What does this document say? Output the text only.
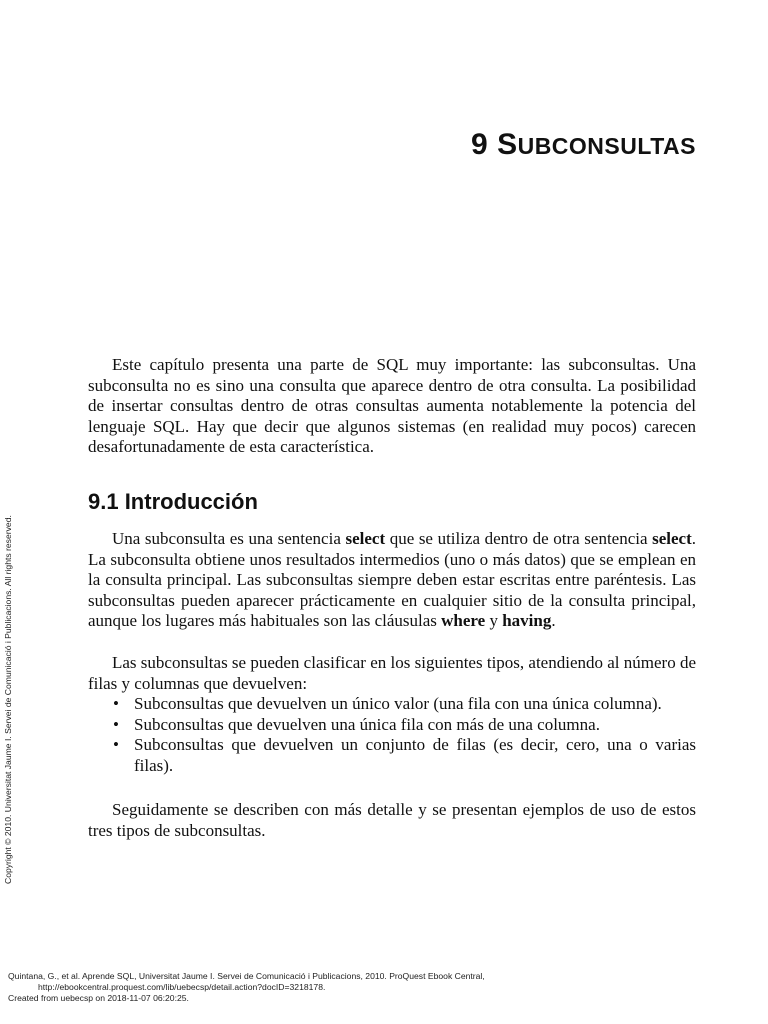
9 SUBCONSULTAS

Este capítulo presenta una parte de SQL muy importante: las subconsultas. Una subconsulta no es sino una consulta que aparece dentro de otra consulta. La posibilidad de insertar consultas dentro de otras consultas aumenta notablemente la potencia del lenguaje SQL. Hay que decir que algunos sistemas (en realidad muy pocos) carecen desafortunadamente de esta característica.

9.1 Introducción

Una subconsulta es una sentencia select que se utiliza dentro de otra sentencia select. La subconsulta obtiene unos resultados intermedios (uno o más datos) que se emplean en la consulta principal. Las subconsultas siempre deben estar escritas entre paréntesis. Las subconsultas pueden aparecer prácticamente en cualquier sitio de la consulta principal, aunque los lugares más habituales son las cláusulas where y having.

Las subconsultas se pueden clasificar en los siguientes tipos, atendiendo al número de filas y columnas que devuelven:

• Subconsultas que devuelven un único valor (una fila con una única columna).
• Subconsultas que devuelven una única fila con más de una columna.
• Subconsultas que devuelven un conjunto de filas (es decir, cero, una o varias filas).

Seguidamente se describen con más detalle y se presentan ejemplos de uso de estos tres tipos de subconsultas.

Copyright © 2010. Universitat Jaume I. Servei de Comunicació i Publicacions. All rights reserved.
Quintana, G., et al. Aprende SQL, Universitat Jaume I. Servei de Comunicació i Publicacions, 2010. ProQuest Ebook Central,
http://ebookcentral.proquest.com/lib/uebecsp/detail.action?docID=3218178.
Created from uebecsp on 2018-11-07 06:20:25.
